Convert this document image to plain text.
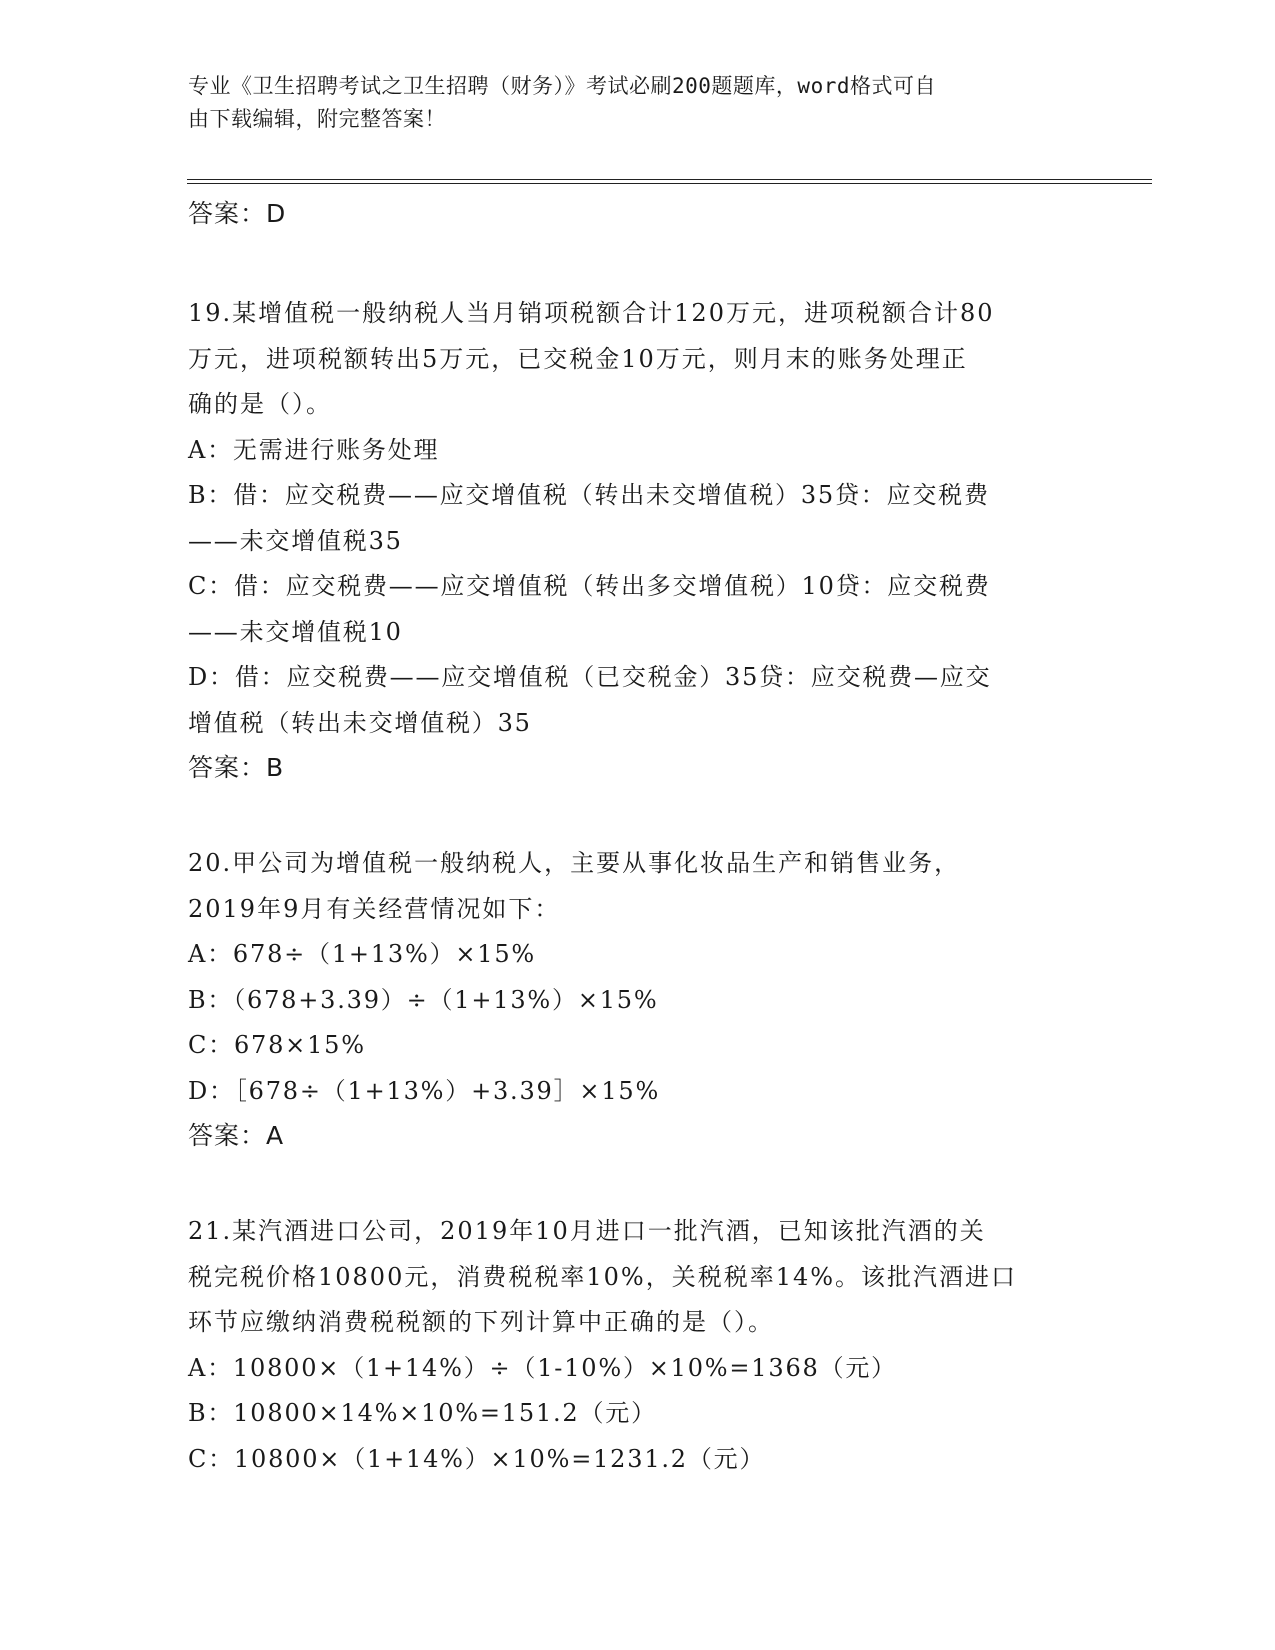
专业《卫生招聘考试之卫生招聘（财务）》考试必刷200题题库，word格式可自
由下载编辑，附完整答案！

答案：D

19.某增值税一般纳税人当月销项税额合计120万元，进项税额合计80

万元，进项税额转出5万元，已交税金10万元，则月末的账务处理正

确的是（）。

A：无需进行账务处理

B：借：应交税费——应交增值税（转出未交增值税）35贷：应交税费

——未交增值税35

C：借：应交税费——应交增值税（转出多交增值税）10贷：应交税费

——未交增值税10

D：借：应交税费——应交增值税（已交税金）35贷：应交税费—应交

增值税（转出未交增值税）35

答案：B

20.甲公司为增值税一般纳税人，主要从事化妆品生产和销售业务，

2019年9月有关经营情况如下：

A：678÷（1+13%）×15%

B：（678+3.39）÷（1+13%）×15%

C：678×15%

D：［678÷（1+13%）+3.39］×15%

答案：A

21.某汽酒进口公司，2019年10月进口一批汽酒，已知该批汽酒的关

税完税价格10800元，消费税税率10%，关税税率14%。该批汽酒进口

环节应缴纳消费税税额的下列计算中正确的是（）。

A：10800×（1+14%）÷（1-10%）×10%=1368（元）

B：10800×14%×10%=151.2（元）

C：10800×（1+14%）×10%=1231.2（元）
